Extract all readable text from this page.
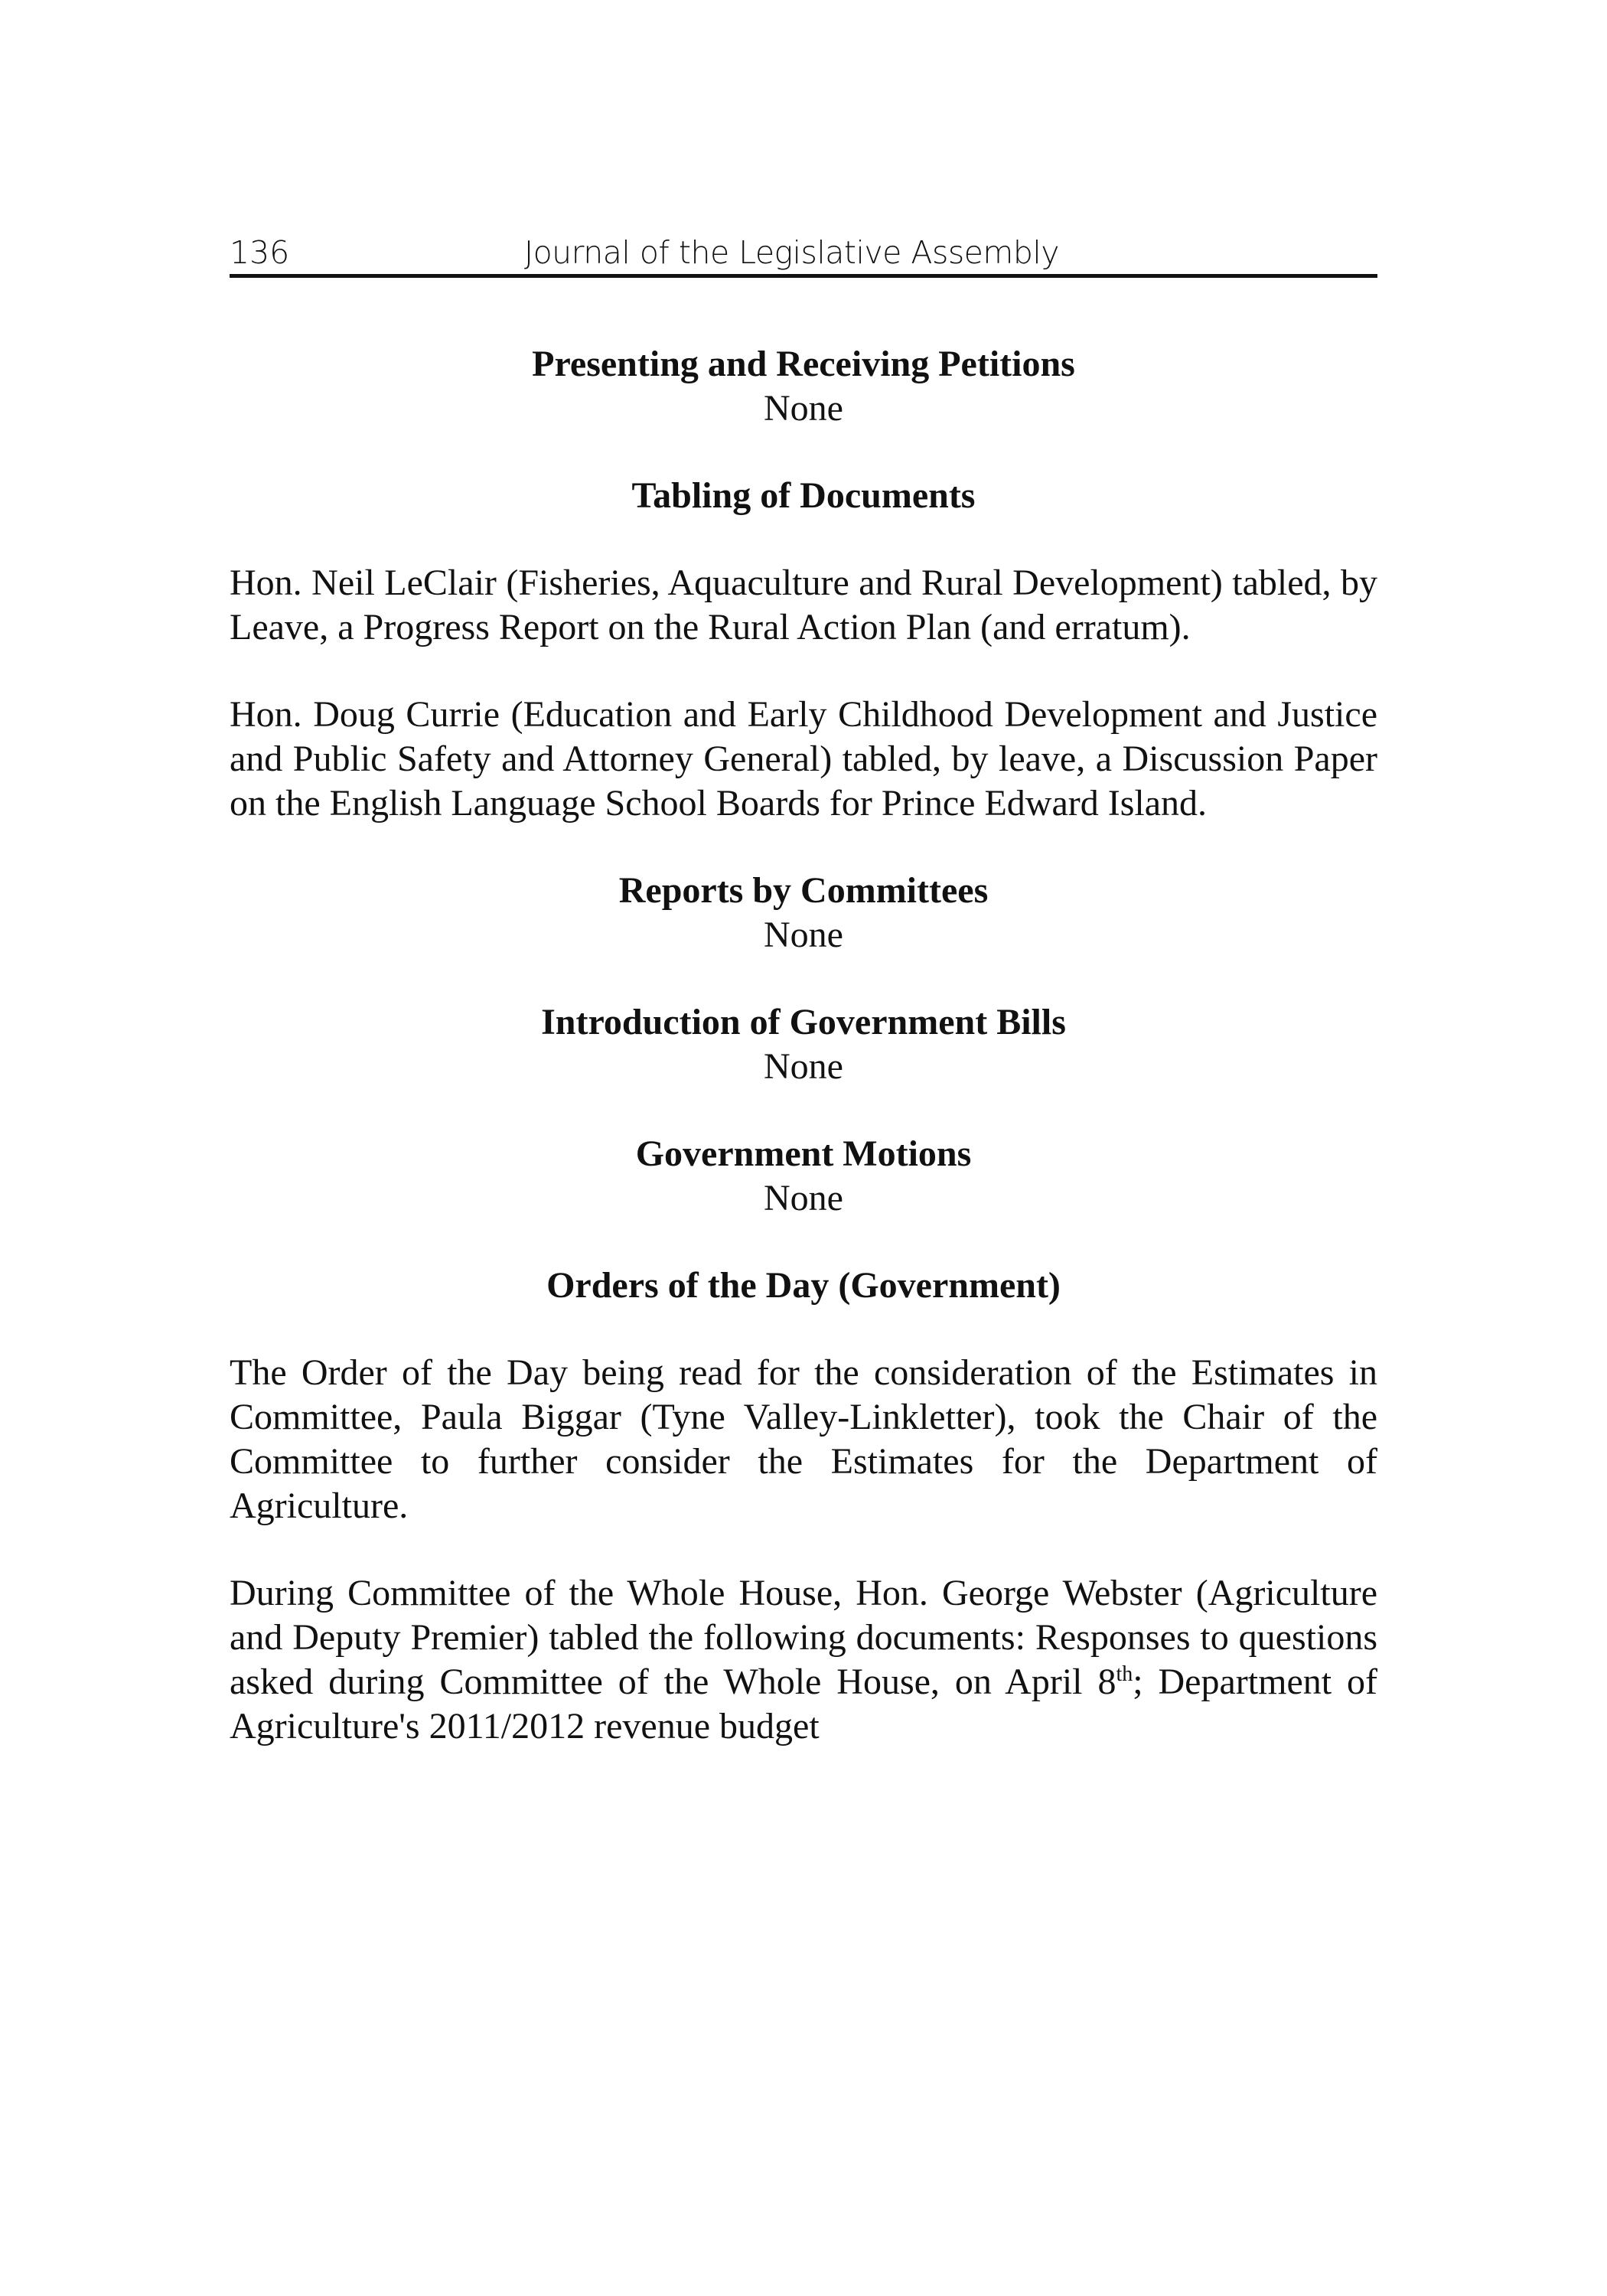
136	Journal of the Legislative Assembly
Presenting and Receiving Petitions
None
Tabling of Documents

Hon. Neil LeClair (Fisheries, Aquaculture and Rural Development) tabled, by Leave, a Progress Report on the Rural Action Plan (and erratum).

Hon. Doug Currie (Education and Early Childhood Development and Justice and Public Safety and Attorney General) tabled, by leave, a Discussion Paper on the English Language School Boards for Prince Edward Island.

Reports by Committees
None
Introduction of Government Bills
None
Government Motions
None
Orders of the Day (Government)

The Order of the Day being read for the consideration of the Estimates in Committee, Paula Biggar (Tyne Valley-Linkletter), took the Chair of the Committee to further consider the Estimates for the Department of Agriculture.

During Committee of the Whole House, Hon. George Webster (Agriculture and Deputy Premier) tabled the following documents: Responses to questions asked during Committee of the Whole House, on April 8th; Department of Agriculture's 2011/2012 revenue budget
